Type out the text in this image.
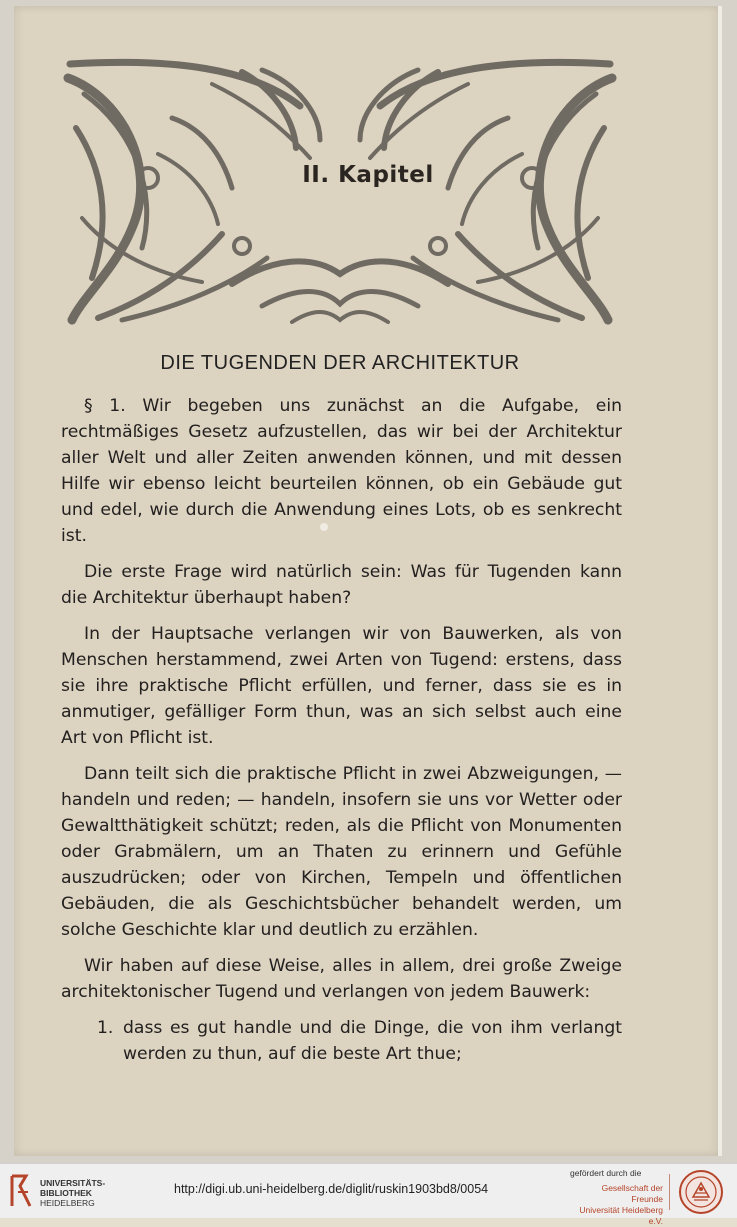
II. Kapitel
DIE TUGENDEN DER ARCHITEKTUR

§ 1. Wir begeben uns zunächst an die Aufgabe, ein rechtmäßiges Gesetz aufzustellen, das wir bei der Architektur aller Welt und aller Zeiten anwenden können, und mit dessen Hilfe wir ebenso leicht beurteilen können, ob ein Gebäude gut und edel, wie durch die Anwendung eines Lots, ob es senkrecht ist.

Die erste Frage wird natürlich sein: Was für Tugenden kann die Architektur überhaupt haben?

In der Hauptsache verlangen wir von Bauwerken, als von Menschen herstammend, zwei Arten von Tugend: erstens, dass sie ihre praktische Pflicht erfüllen, und ferner, dass sie es in anmutiger, gefälliger Form thun, was an sich selbst auch eine Art von Pflicht ist.

Dann teilt sich die praktische Pflicht in zwei Abzweigungen, — handeln und reden; — handeln, insofern sie uns vor Wetter oder Gewaltthätigkeit schützt; reden, als die Pflicht von Monumenten oder Grabmälern, um an Thaten zu erinnern und Gefühle auszudrücken; oder von Kirchen, Tempeln und öffentlichen Gebäuden, die als Geschichtsbücher behandelt werden, um solche Geschichte klar und deutlich zu erzählen.

Wir haben auf diese Weise, alles in allem, drei große Zweige architektonischer Tugend und verlangen von jedem Bauwerk:

1. dass es gut handle und die Dinge, die von ihm verlangt werden zu thun, auf die beste Art thue;
UNIVERSITÄTS-
BIBLIOTHEK
HEIDELBERG
http://digi.ub.uni-heidelberg.de/diglit/ruskin1903bd8/0054
gefördert durch die
Gesellschaft der Freunde
Universität Heidelberg e.V.
